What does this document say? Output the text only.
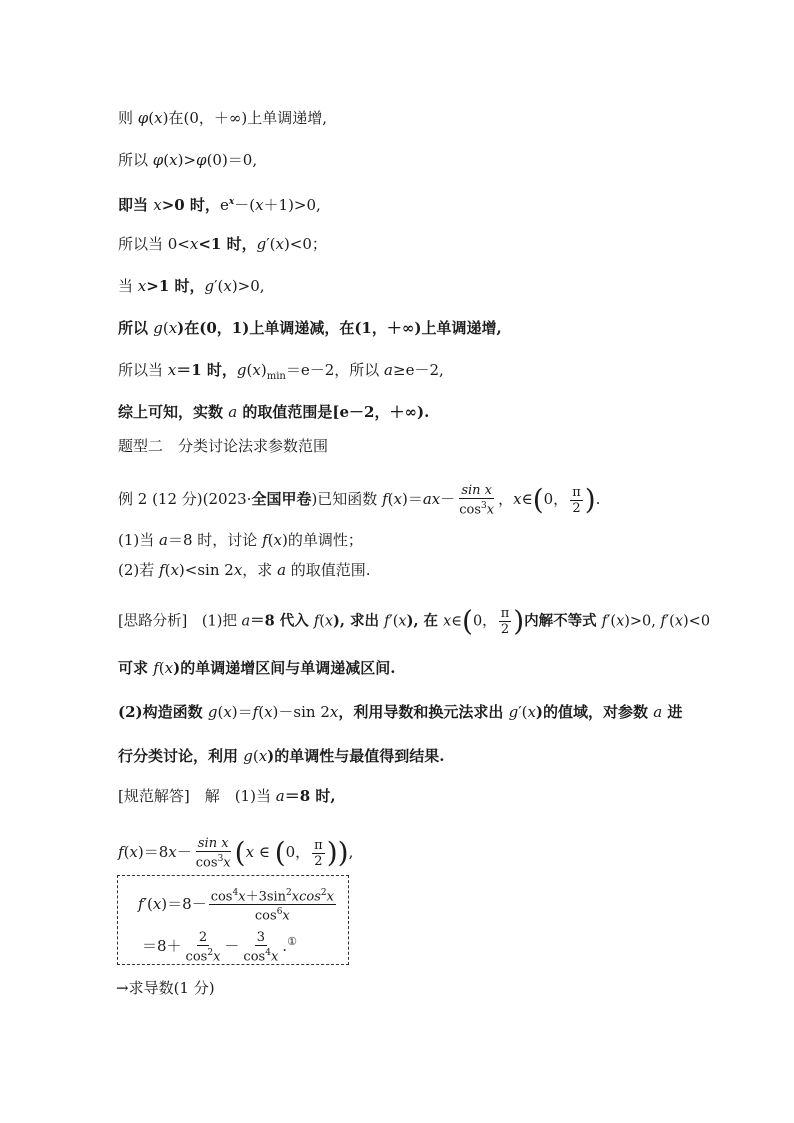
则 φ(x)在(0，＋∞)上单调递增,
所以 φ(x)>φ(0)＝0,
即当 x>0 时，$e^x-(x+1)>0$,
所以当 0<x<1 时，g′(x)<0；
当 x>1 时，g′(x)>0,
所以 g(x)在(0，1)上单调递减，在(1，＋∞)上单调递增,
所以当 x＝1 时，$g(x)_{min}=e-2$，所以 a≥e－2,
综上可知，实数 a 的取值范围是[e－2，＋∞).
题型二　分类讨论法求参数范围
例 2 (12 分)(2023·全国甲卷)已知函数 $f(x)=ax- \frac{\text{sin x}}{\cos^3x}$ ，x∈(0， $\frac{\pi}{2}$ ).
(1)当 a＝8 时，讨论 f(x)的单调性；
(2)若 f(x)<sin 2x，求 a 的取值范围.
[思路分析]　(1)把 a＝8 代入 f(x), 求出 f′(x), 在 x∈(0， $\frac{\pi}{2}$ )内解不等式 f′(x)>0, f′(x)<0
可求 f(x)的单调递增区间与单调递减区间.
(2)构造函数 g(x)＝f(x)－sin 2x，利用导数和换元法求出 g′(x)的值域，对参数 a 进
行分类讨论，利用 g(x)的单调性与最值得到结果.
[规范解答]　解　(1)当 a＝8 时,
$f(x)=8x- \frac{\text{sin x}}{\cos^3x} (x$ ∈ (0， $\frac{\pi}{2}$ )),
$f'(x)=8- \frac{\cos^4x+3\sin^2xcos^2x}{\cos^6x}$
$=8+ \frac{2}{\cos^2x} - \frac{3}{\cos^4x} .^①$
→求导数(1 分)
